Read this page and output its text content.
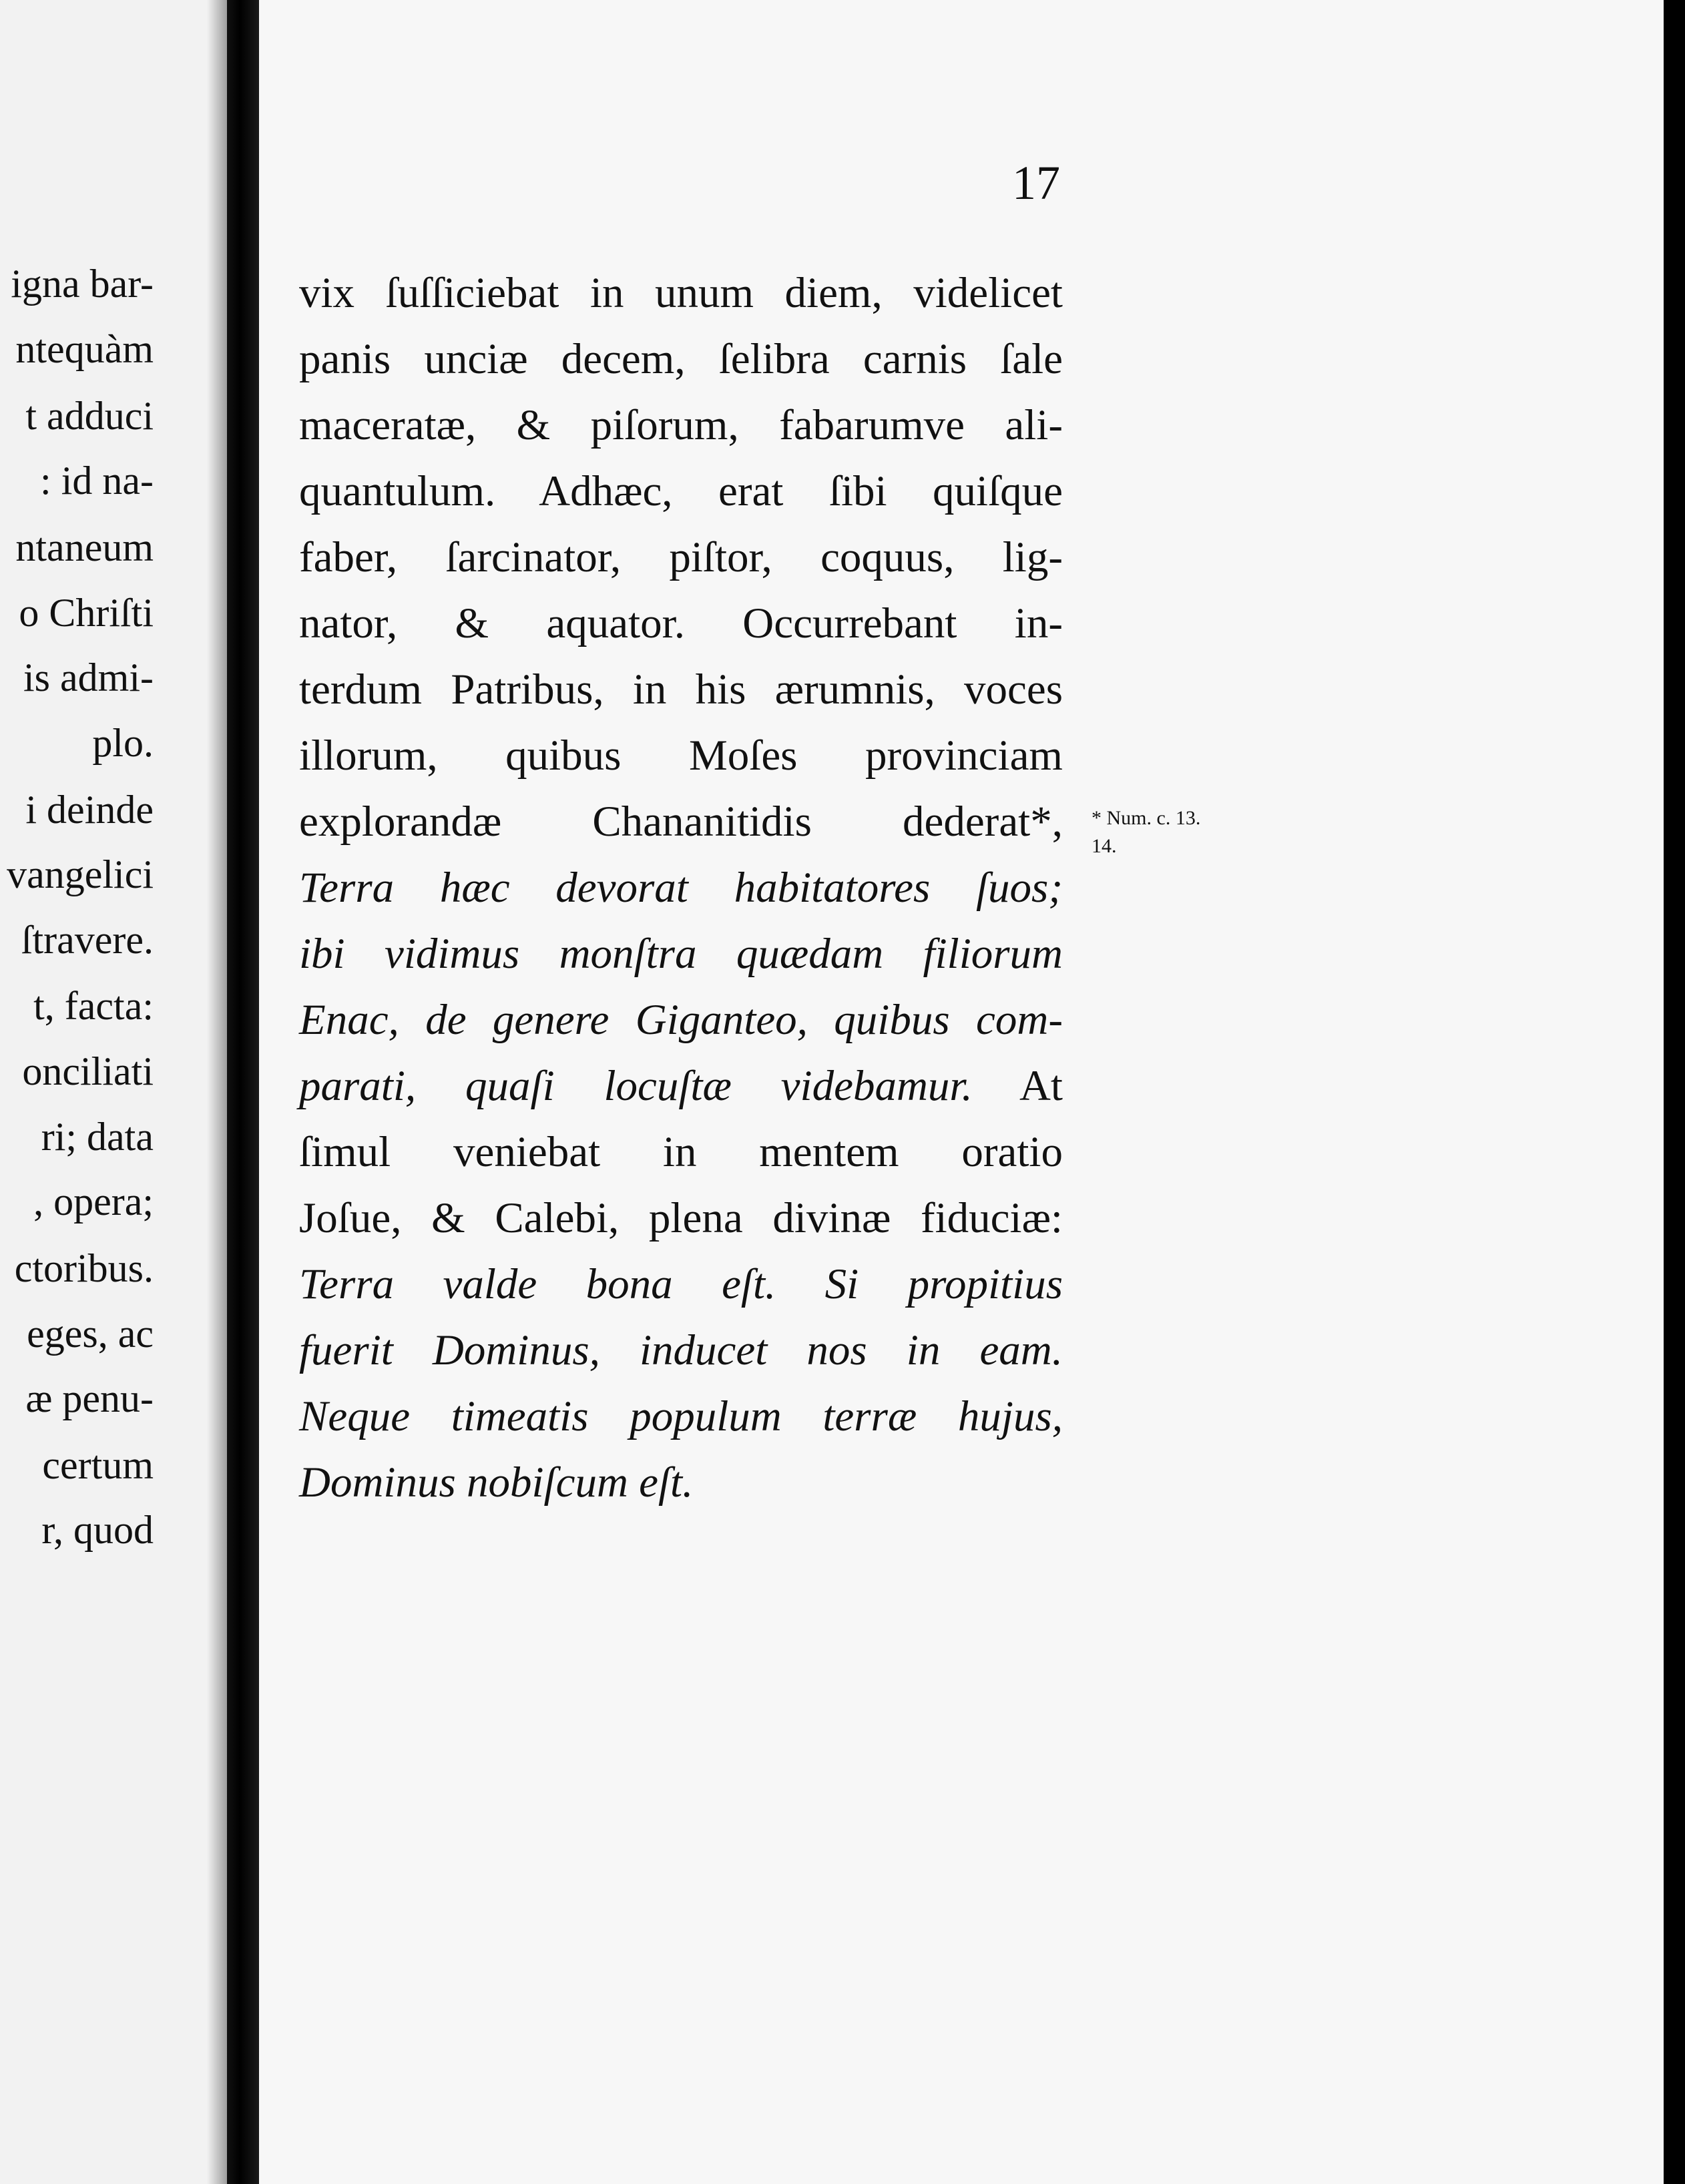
igna bar-
ntequàm
t adduci
: id na-
ntaneum
o Chriſti
is admi-
plo.
i deinde
vangelici
ſtravere.
t, facta:
onciliati
ri; data
, opera;
ctoribus.
eges, ac
æ penu-
certum
r, quod
17
vix ſuſſiciebat in unum diem, videlicet
panis unciæ decem, ſelibra carnis ſale
maceratæ, & piſorum, fabarumve ali-
quantulum. Adhæc, erat ſibi quiſque
faber, ſarcinator, piſtor, coquus, lig-
nator, & aquator. Occurrebant in-
terdum Patribus, in his ærumnis, voces
illorum, quibus Moſes provinciam
explorandæ Chananitidis dederat*,
Terra hæc devorat habitatores ſuos;
ibi vidimus monſtra quædam filiorum
Enac, de genere Giganteo, quibus com-
parati, quaſi locuſtæ videbamur. At
ſimul veniebat in mentem oratio
Joſue, & Calebi, plena divinæ fiduciæ:
Terra valde bona eſt. Si propitius
fuerit Dominus, inducet nos in eam.
Neque timeatis populum terræ hujus,
Dominus nobiſcum eſt.
* Num. c. 13.
14.
